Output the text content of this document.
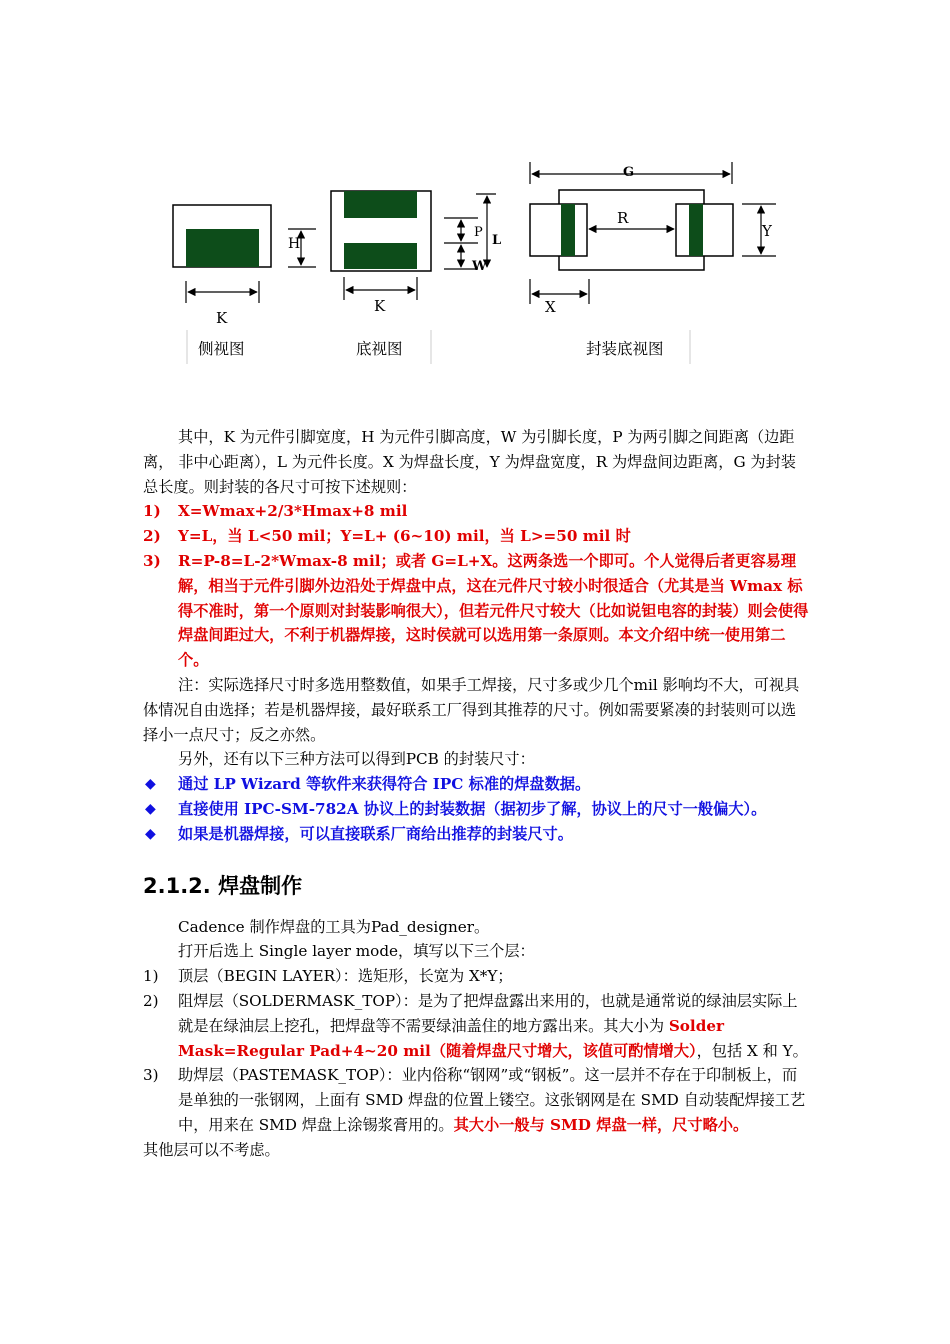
K
H
侧视图
K
P
W
L
底视图
G
R
Y
X
封装底视图

其中，K 为元件引脚宽度，H 为元件引脚高度，W 为引脚长度，P 为两引脚之间距离（边距离， 非中心距离），L 为元件长度。X 为焊盘长度，Y 为焊盘宽度，R 为焊盘间边距离，G 为封装总长度。则封装的各尺寸可按下述规则：

1) X=Wmax+2/3*Hmax+8 mil
2) Y=L，当 L<50 mil；Y=L+ (6~10) mil，当 L>=50 mil 时
3) R=P-8=L-2*Wmax-8 mil；或者 G=L+X。这两条选一个即可。个人觉得后者更容易理解，相当于元件引脚外边沿处于焊盘中点，这在元件尺寸较小时很适合（尤其是当 Wmax 标得不准时，第一个原则对封装影响很大），但若元件尺寸较大（比如说钽电容的封装）则会使得焊盘间距过大，不利于机器焊接，这时侯就可以选用第一条原则。本文介绍中统一使用第二个。

注：实际选择尺寸时多选用整数值，如果手工焊接，尺寸多或少几个mil 影响均不大，可视具体情况自由选择；若是机器焊接，最好联系工厂得到其推荐的尺寸。例如需要紧凑的封装则可以选择小一点尺寸；反之亦然。

另外，还有以下三种方法可以得到PCB 的封装尺寸：

◆ 通过 LP Wizard 等软件来获得符合 IPC 标准的焊盘数据。
◆ 直接使用 IPC-SM-782A 协议上的封装数据（据初步了解，协议上的尺寸一般偏大）。
◆ 如果是机器焊接，可以直接联系厂商给出推荐的封装尺寸。
2.1.2. 焊盘制作

Cadence 制作焊盘的工具为Pad_designer。

打开后选上 Single layer mode，填写以下三个层：

1) 顶层（BEGIN LAYER）：选矩形，长宽为 X*Y；
2) 阻焊层（SOLDERMASK_TOP）：是为了把焊盘露出来用的，也就是通常说的绿油层实际上就是在绿油层上挖孔，把焊盘等不需要绿油盖住的地方露出来。其大小为 Solder Mask=Regular Pad+4~20 mil（随着焊盘尺寸增大，该值可酌情增大），包括 X 和 Y。
3) 助焊层（PASTEMASK_TOP）：业内俗称“钢网”或“钢板”。这一层并不存在于印制板上，而是单独的一张钢网，上面有 SMD 焊盘的位置上镂空。这张钢网是在 SMD 自动装配焊接工艺中，用来在 SMD 焊盘上涂锡浆膏用的。其大小一般与 SMD 焊盘一样，尺寸略小。

其他层可以不考虑。
